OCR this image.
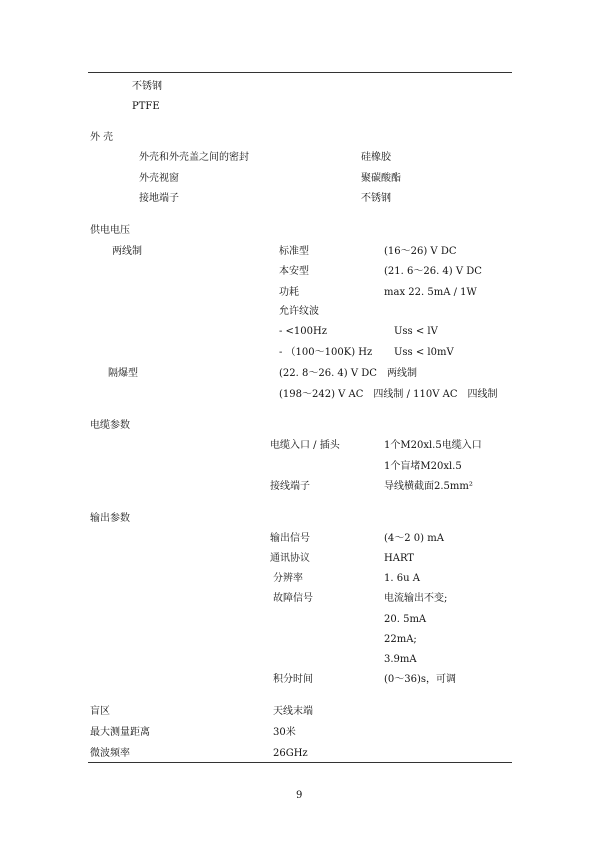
不锈钢
PTFE
外 壳
外壳和外壳盖之间的密封	硅橡胶
外壳视窗	聚碳酸酯
接地端子	不锈钢
供电电压
两线制	标准型	(16～26) V DC
本安型	(21. 6～26. 4) V DC
功耗	max 22. 5mA / 1W
允许纹波
- <100Hz	Uss < lV
- （100～100K) Hz Uss < l0mV
隔爆型	(22. 8～26. 4) V DC　两线制
(198～242) V AC　四线制 / 110V AC　四线制
电缆参数
电缆入口 / 插头	1个M20xl.5电缆入口
1个盲堵M20xl.5
接线端子	导线横截面2.5mm²
输出参数
输出信号	(4～2 0) mA
通讯协议	HART
分辨率	1. 6u A
故障信号	电流输出不变;
20. 5mA
22mA;
3.9mA
积分时间	(0～36)s，可调
盲区	天线末端
最大测量距离	30米
微波频率	26GHz
9
